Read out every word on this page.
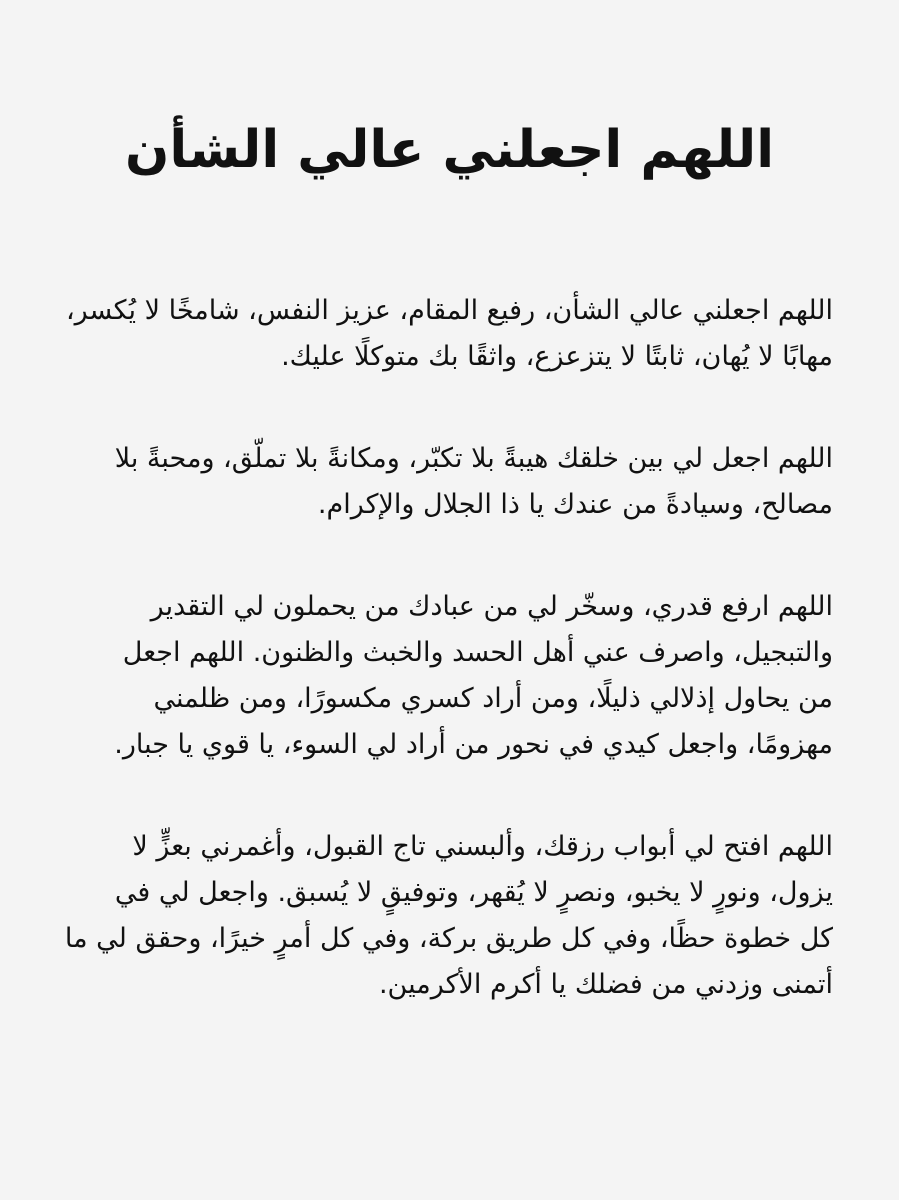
اللهم اجعلني عالي الشأن

اللهم اجعلني عالي الشأن، رفيع المقام، عزيز النفس، شامخًا لا يُكسر،
مهابًا لا يُهان، ثابتًا لا يتزعزع، واثقًا بك متوكلًا عليك.

اللهم اجعل لي بين خلقك هيبةً بلا تكبّر، ومكانةً بلا تملّق، ومحبةً بلا
مصالح، وسيادةً من عندك يا ذا الجلال والإكرام.

اللهم ارفع قدري، وسخّر لي من عبادك من يحملون لي التقدير
والتبجيل، واصرف عني أهل الحسد والخبث والظنون. اللهم اجعل
من يحاول إذلالي ذليلًا، ومن أراد كسري مكسورًا، ومن ظلمني
مهزومًا، واجعل كيدي في نحور من أراد لي السوء، يا قوي يا جبار.

اللهم افتح لي أبواب رزقك، وألبسني تاج القبول، وأغمرني بعزٍّ لا
يزول، ونورٍ لا يخبو، ونصرٍ لا يُقهر، وتوفيقٍ لا يُسبق. واجعل لي في
كل خطوة حظًا، وفي كل طريق بركة، وفي كل أمرٍ خيرًا، وحقق لي ما
أتمنى وزدني من فضلك يا أكرم الأكرمين.
